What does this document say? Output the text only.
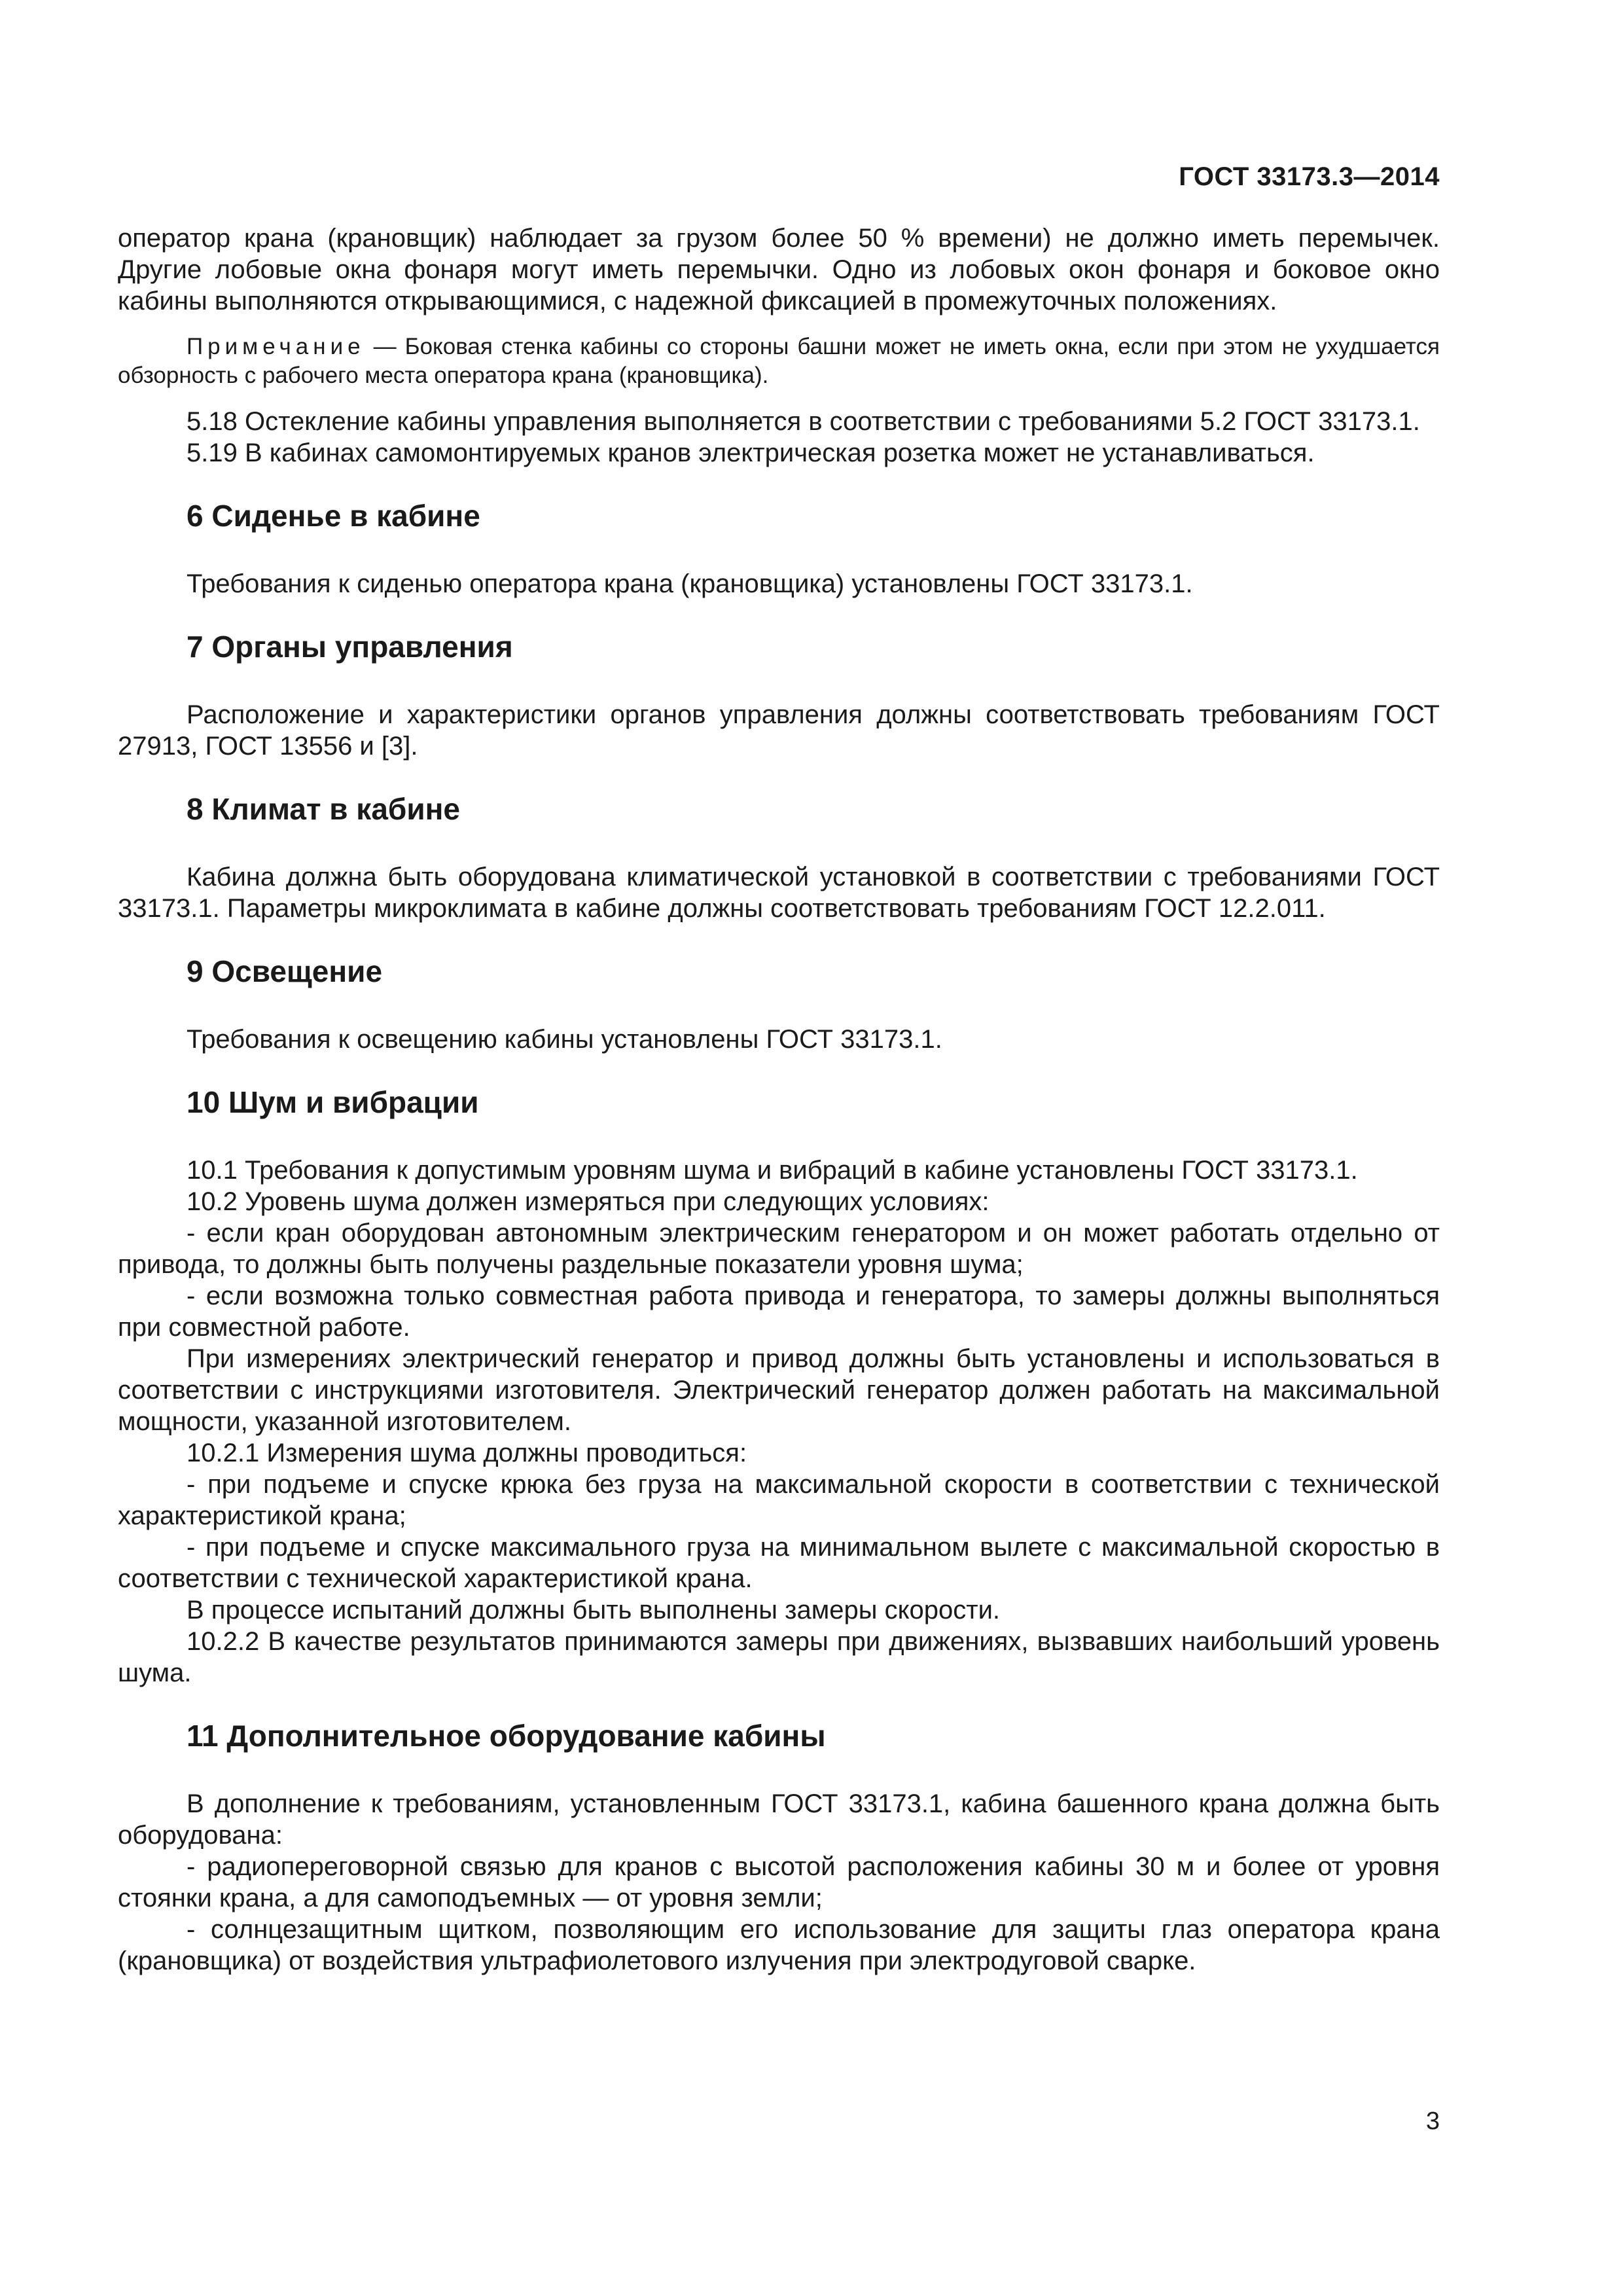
ГОСТ 33173.3—2014

оператор крана (крановщик) наблюдает за грузом более 50 % времени) не должно иметь перемычек. Другие лобовые окна фонаря могут иметь перемычки. Одно из лобовых окон фонаря и боковое окно кабины выполняются открывающимися, с надежной фиксацией в промежуточных положениях.

Примечание — Боковая стенка кабины со стороны башни может не иметь окна, если при этом не ухудшается обзорность с рабочего места оператора крана (крановщика).

5.18 Остекление кабины управления выполняется в соответствии с требованиями 5.2 ГОСТ 33173.1.

5.19 В кабинах самомонтируемых кранов электрическая розетка может не устанавливаться.

6 Сиденье в кабине

Требования к сиденью оператора крана (крановщика) установлены ГОСТ 33173.1.

7 Органы управления

Расположение и характеристики органов управления должны соответствовать требованиям ГОСТ 27913, ГОСТ 13556 и [3].

8 Климат в кабине

Кабина должна быть оборудована климатической установкой в соответствии с требованиями ГОСТ 33173.1. Параметры микроклимата в кабине должны соответствовать требованиям ГОСТ 12.2.011.

9 Освещение

Требования к освещению кабины установлены ГОСТ 33173.1.

10 Шум и вибрации

10.1 Требования к допустимым уровням шума и вибраций в кабине установлены ГОСТ 33173.1.

10.2 Уровень шума должен измеряться при следующих условиях:

- если кран оборудован автономным электрическим генератором и он может работать отдельно от привода, то должны быть получены раздельные показатели уровня шума;

- если возможна только совместная работа привода и генератора, то замеры должны выполняться при совместной работе.

При измерениях электрический генератор и привод должны быть установлены и использоваться в соответствии с инструкциями изготовителя. Электрический генератор должен работать на максимальной мощности, указанной изготовителем.

10.2.1 Измерения шума должны проводиться:

- при подъеме и спуске крюка без груза на максимальной скорости в соответствии с технической характеристикой крана;

- при подъеме и спуске максимального груза на минимальном вылете с максимальной скоростью в соответствии с технической характеристикой крана.

В процессе испытаний должны быть выполнены замеры скорости.

10.2.2 В качестве результатов принимаются замеры при движениях, вызвавших наибольший уровень шума.

11 Дополнительное оборудование кабины

В дополнение к требованиям, установленным ГОСТ 33173.1, кабина башенного крана должна быть оборудована:

- радиопереговорной связью для кранов с высотой расположения кабины 30 м и более от уровня стоянки крана, а для самоподъемных — от уровня земли;

- солнцезащитным щитком, позволяющим его использование для защиты глаз оператора крана (крановщика) от воздействия ультрафиолетового излучения при электродуговой сварке.

3
